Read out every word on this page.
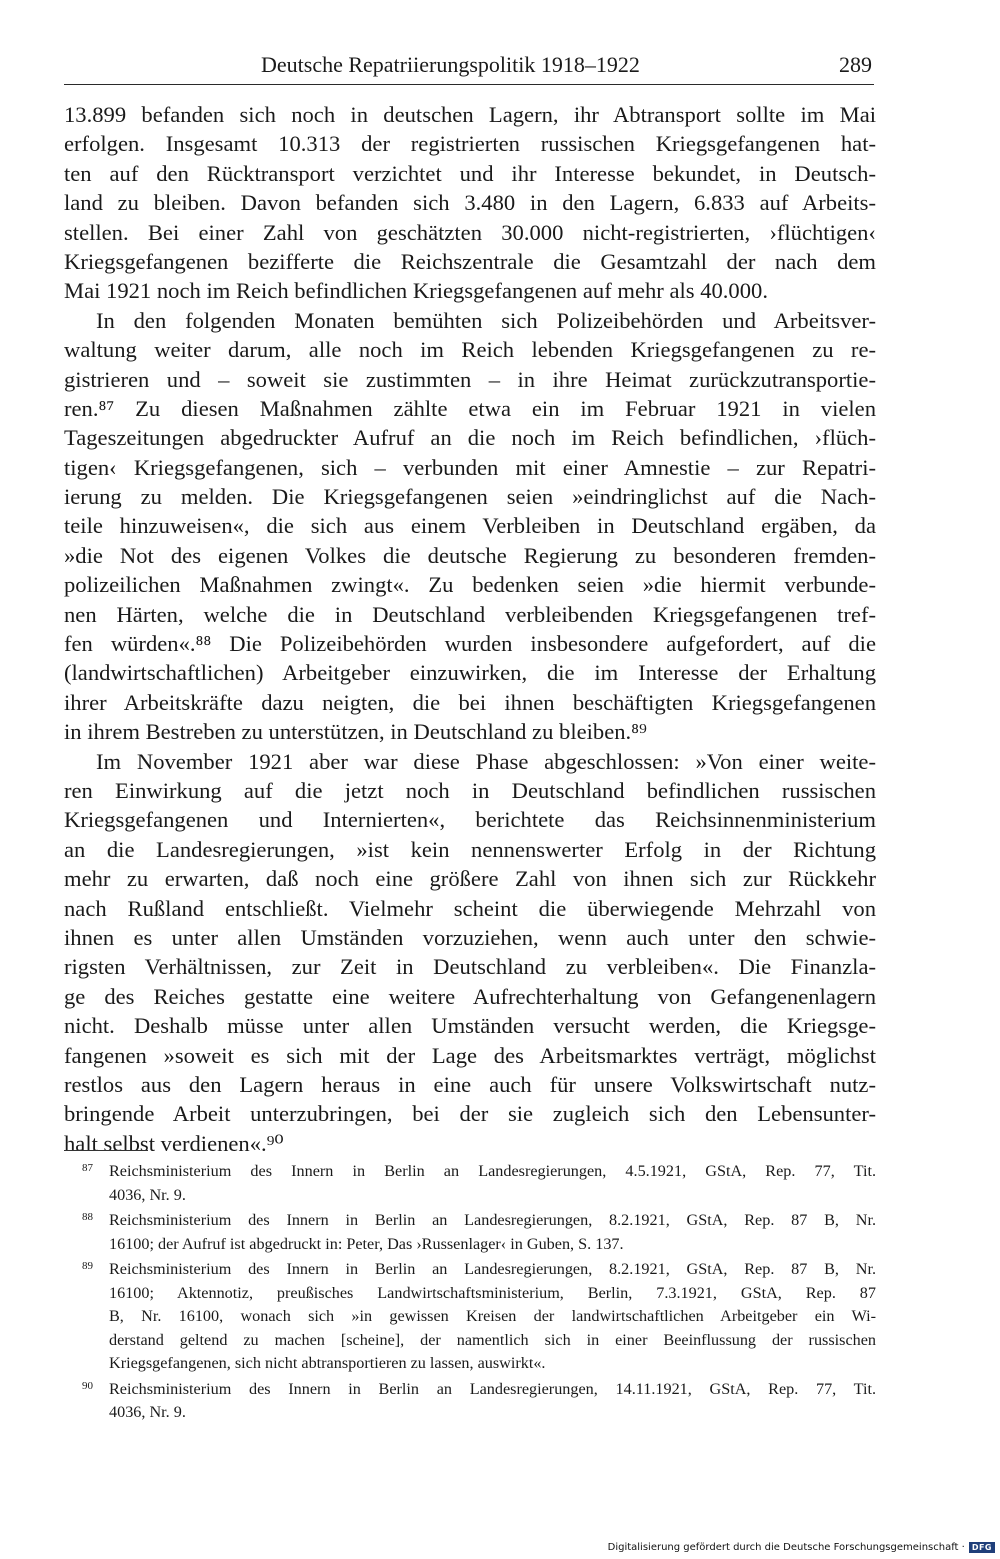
Deutsche Repatriierungspolitik 1918–1922	289
13.899 befanden sich noch in deutschen Lagern, ihr Abtransport sollte im Mai
erfolgen. Insgesamt 10.313 der registrierten russischen Kriegsgefangenen hat-
ten auf den Rücktransport verzichtet und ihr Interesse bekundet, in Deutsch-
land zu bleiben. Davon befanden sich 3.480 in den Lagern, 6.833 auf Arbeits-
stellen. Bei einer Zahl von geschätzten 30.000 nicht-registrierten, ›flüchtigen‹
Kriegsgefangenen bezifferte die Reichszentrale die Gesamtzahl der nach dem
Mai 1921 noch im Reich befindlichen Kriegsgefangenen auf mehr als 40.000.
In den folgenden Monaten bemühten sich Polizeibehörden und Arbeitsver-
waltung weiter darum, alle noch im Reich lebenden Kriegsgefangenen zu re-
gistrieren und – soweit sie zustimmten – in ihre Heimat zurückzutransportie-
ren.⁸⁷ Zu diesen Maßnahmen zählte etwa ein im Februar 1921 in vielen
Tageszeitungen abgedruckter Aufruf an die noch im Reich befindlichen, ›flüch-
tigen‹ Kriegsgefangenen, sich – verbunden mit einer Amnestie – zur Repatri-
ierung zu melden. Die Kriegsgefangenen seien »eindringlichst auf die Nach-
teile hinzuweisen«, die sich aus einem Verbleiben in Deutschland ergäben, da
»die Not des eigenen Volkes die deutsche Regierung zu besonderen fremden-
polizeilichen Maßnahmen zwingt«. Zu bedenken seien »die hiermit verbunde-
nen Härten, welche die in Deutschland verbleibenden Kriegsgefangenen tref-
fen würden«.⁸⁸ Die Polizeibehörden wurden insbesondere aufgefordert, auf die
(landwirtschaftlichen) Arbeitgeber einzuwirken, die im Interesse der Erhaltung
ihrer Arbeitskräfte dazu neigten, die bei ihnen beschäftigten Kriegsgefangenen
in ihrem Bestreben zu unterstützen, in Deutschland zu bleiben.⁸⁹
Im November 1921 aber war diese Phase abgeschlossen: »Von einer weite-
ren Einwirkung auf die jetzt noch in Deutschland befindlichen russischen
Kriegsgefangenen und Internierten«, berichtete das Reichsinnenministerium
an die Landesregierungen, »ist kein nennenswerter Erfolg in der Richtung
mehr zu erwarten, daß noch eine größere Zahl von ihnen sich zur Rückkehr
nach Rußland entschließt. Vielmehr scheint die überwiegende Mehrzahl von
ihnen es unter allen Umständen vorzuziehen, wenn auch unter den schwie-
rigsten Verhältnissen, zur Zeit in Deutschland zu verbleiben«. Die Finanzla-
ge des Reiches gestatte eine weitere Aufrechterhaltung von Gefangenenlagern
nicht. Deshalb müsse unter allen Umständen versucht werden, die Kriegsge-
fangenen »soweit es sich mit der Lage des Arbeitsmarktes verträgt, möglichst
restlos aus den Lagern heraus in eine auch für unsere Volkswirtschaft nutz-
bringende Arbeit unterzubringen, bei der sie zugleich sich den Lebensunter-
halt selbst verdienen«.⁹⁰
87 Reichsministerium des Innern in Berlin an Landesregierungen, 4.5.1921, GStA, Rep. 77, Tit.
4036, Nr. 9.
88 Reichsministerium des Innern in Berlin an Landesregierungen, 8.2.1921, GStA, Rep. 87 B, Nr.
16100; der Aufruf ist abgedruckt in: Peter, Das ›Russenlager‹ in Guben, S. 137.
89 Reichsministerium des Innern in Berlin an Landesregierungen, 8.2.1921, GStA, Rep. 87 B, Nr.
16100; Aktennotiz, preußisches Landwirtschaftsministerium, Berlin, 7.3.1921, GStA, Rep. 87
B, Nr. 16100, wonach sich »in gewissen Kreisen der landwirtschaftlichen Arbeitgeber ein Wi-
derstand geltend zu machen [scheine], der namentlich sich in einer Beeinflussung der russischen
Kriegsgefangenen, sich nicht abtransportieren zu lassen, auswirkt«.
90 Reichsministerium des Innern in Berlin an Landesregierungen, 14.11.1921, GStA, Rep. 77, Tit.
4036, Nr. 9.
Digitalisierung gefördert durch die Deutsche Forschungsgemeinschaft · DFG
